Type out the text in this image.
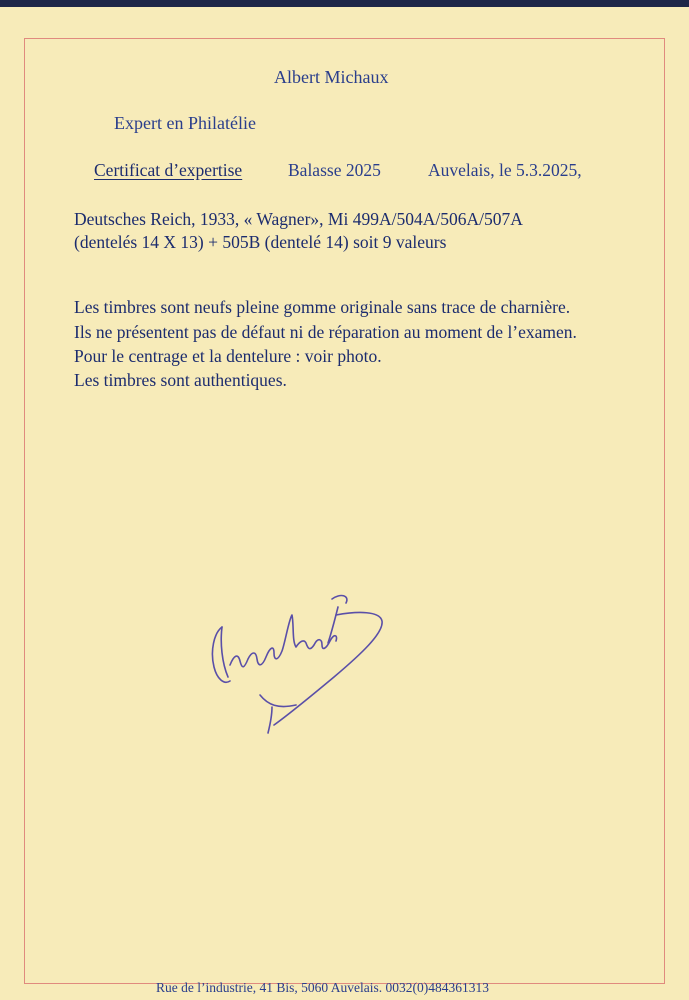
Albert Michaux

Expert en Philatélie

Certificat d’expertise	Balasse 2025	Auvelais, le 5.3.2025,

Deutsches Reich, 1933, « Wagner», Mi 499A/504A/506A/507A

(dentelés 14 X 13) + 505B (dentelé 14) soit 9 valeurs

Les timbres sont neufs pleine gomme originale sans trace de charnière.

Ils ne présentent pas de défaut ni de réparation au moment de l’examen.

Pour le centrage et la dentelure : voir photo.

Les timbres sont authentiques.

Rue de l’industrie, 41 Bis, 5060 Auvelais. 0032(0)484361313
